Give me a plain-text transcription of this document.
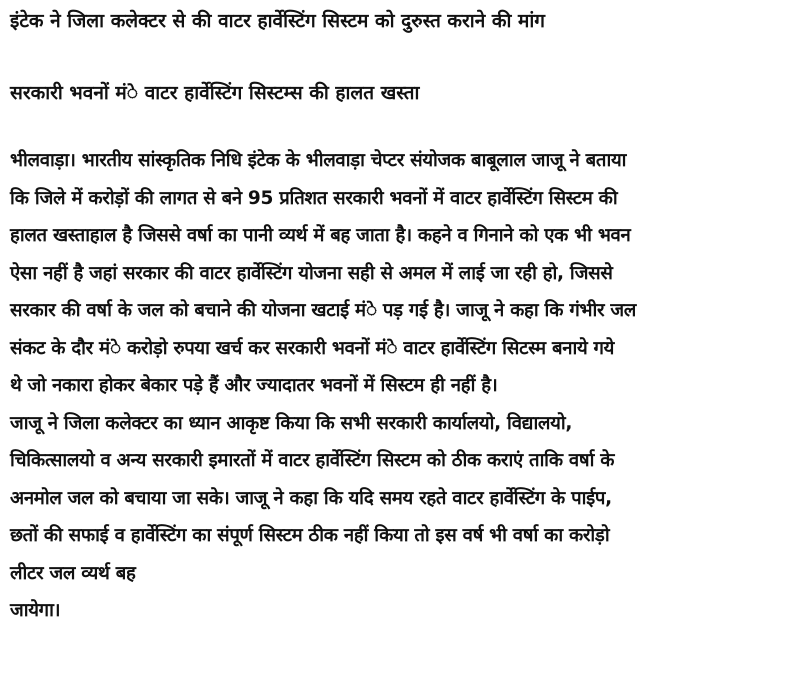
इंटेक ने जिला कलेक्टर से की वाटर हार्वेस्टिंग सिस्टम को दुरुस्त कराने की मांग
सरकारी भवनों मंे वाटर हार्वेस्टिंग सिस्टम्स की हालत खस्ता
भीलवाड़ा। भारतीय सांस्कृतिक निधि इंटेक के भीलवाड़ा चेप्टर संयोजक बाबूलाल जाजू ने बताया
कि जिले में करोड़ों की लागत से बने 95 प्रतिशत सरकारी भवनों में वाटर हार्वेस्टिंग सिस्टम की
हालत खस्ताहाल है जिससे वर्षा का पानी व्यर्थ में बह जाता है। कहने व गिनाने को एक भी भवन
ऐसा नहीं है जहां सरकार की वाटर हार्वेस्टिंग योजना सही से अमल में लाई जा रही हो, जिससे
सरकार की वर्षा के जल को बचाने की योजना खटाई मंे पड़ गई है। जाजू ने कहा कि गंभीर जल
संकट के दौर मंे करोड़ो रुपया खर्च कर सरकारी भवनों मंे वाटर हार्वेस्टिंग सिटस्म बनाये गये
थे जो नकारा होकर बेकार पड़े हैं और ज्यादातर भवनों में सिस्टम ही नहीं है।
जाजू ने जिला कलेक्टर का ध्यान आकृष्ट किया कि सभी सरकारी कार्यालयो, विद्यालयो,
चिकित्सालयो व अन्य सरकारी इमारतों में वाटर हार्वेस्टिंग सिस्टम को ठीक कराएं ताकि वर्षा के
अनमोल जल को बचाया जा सके। जाजू ने कहा कि यदि समय रहते वाटर हार्वेस्टिंग के पाईप,
छतों की सफाई व हार्वेस्टिंग का संपूर्ण सिस्टम ठीक नहीं किया तो इस वर्ष भी वर्षा का करोड़ो
लीटर जल व्यर्थ बह
जायेगा।
